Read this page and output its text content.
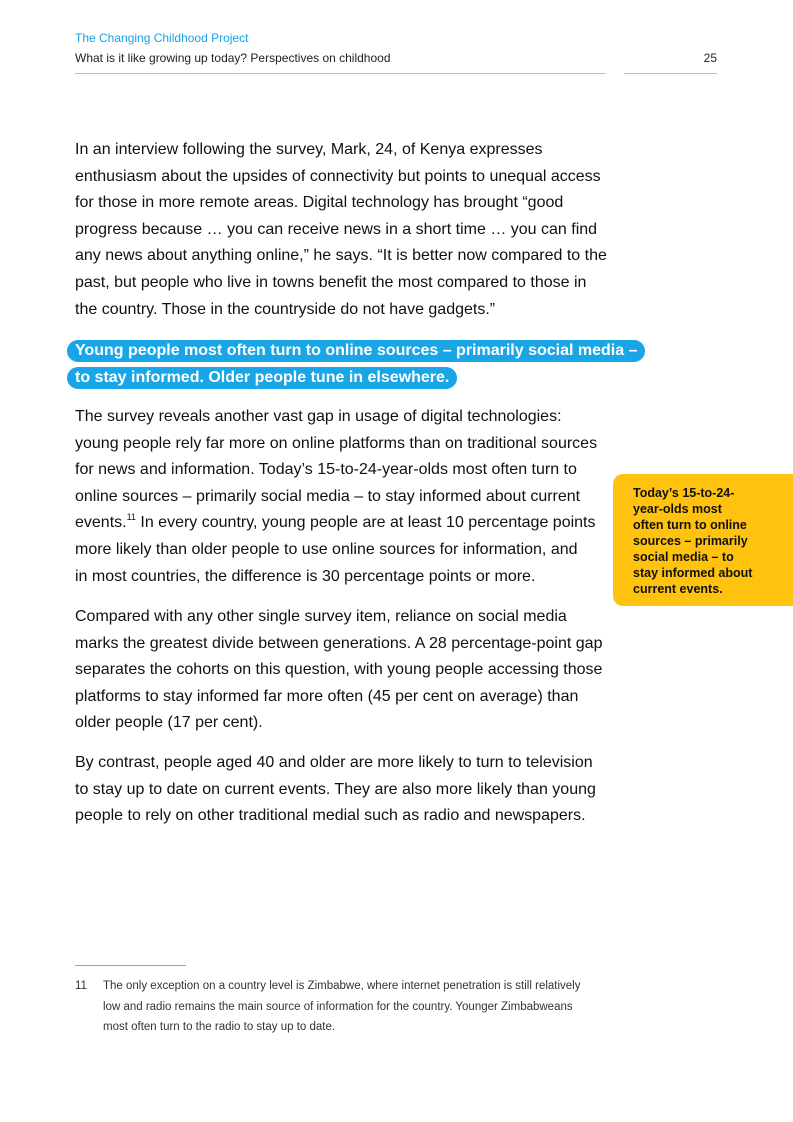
The Changing Childhood Project
What is it like growing up today? Perspectives on childhood	25
In an interview following the survey, Mark, 24, of Kenya expresses
enthusiasm about the upsides of connectivity but points to unequal access
for those in more remote areas. Digital technology has brought “good
progress because … you can receive news in a short time … you can find
any news about anything online,” he says. “It is better now compared to the
past, but people who live in towns benefit the most compared to those in
the country. Those in the countryside do not have gadgets.”
Young people most often turn to online sources – primarily social media –
to stay informed. Older people tune in elsewhere.
The survey reveals another vast gap in usage of digital technologies:
young people rely far more on online platforms than on traditional sources
for news and information. Today’s 15-to-24-year-olds most often turn to
online sources – primarily social media – to stay informed about current
events.$^{11}$ In every country, young people are at least 10 percentage points
more likely than older people to use online sources for information, and
in most countries, the difference is 30 percentage points or more.
Compared with any other single survey item, reliance on social media
marks the greatest divide between generations. A 28 percentage-point gap
separates the cohorts on this question, with young people accessing those
platforms to stay informed far more often (45 per cent on average) than
older people (17 per cent).
By contrast, people aged 40 and older are more likely to turn to television
to stay up to date on current events. They are also more likely than young
people to rely on other traditional medial such as radio and newspapers.
Today’s 15-to-24-
year-olds most
often turn to online
sources – primarily
social media – to
stay informed about
current events.
11 The only exception on a country level is Zimbabwe, where internet penetration is still relatively
low and radio remains the main source of information for the country. Younger Zimbabweans
most often turn to the radio to stay up to date.
